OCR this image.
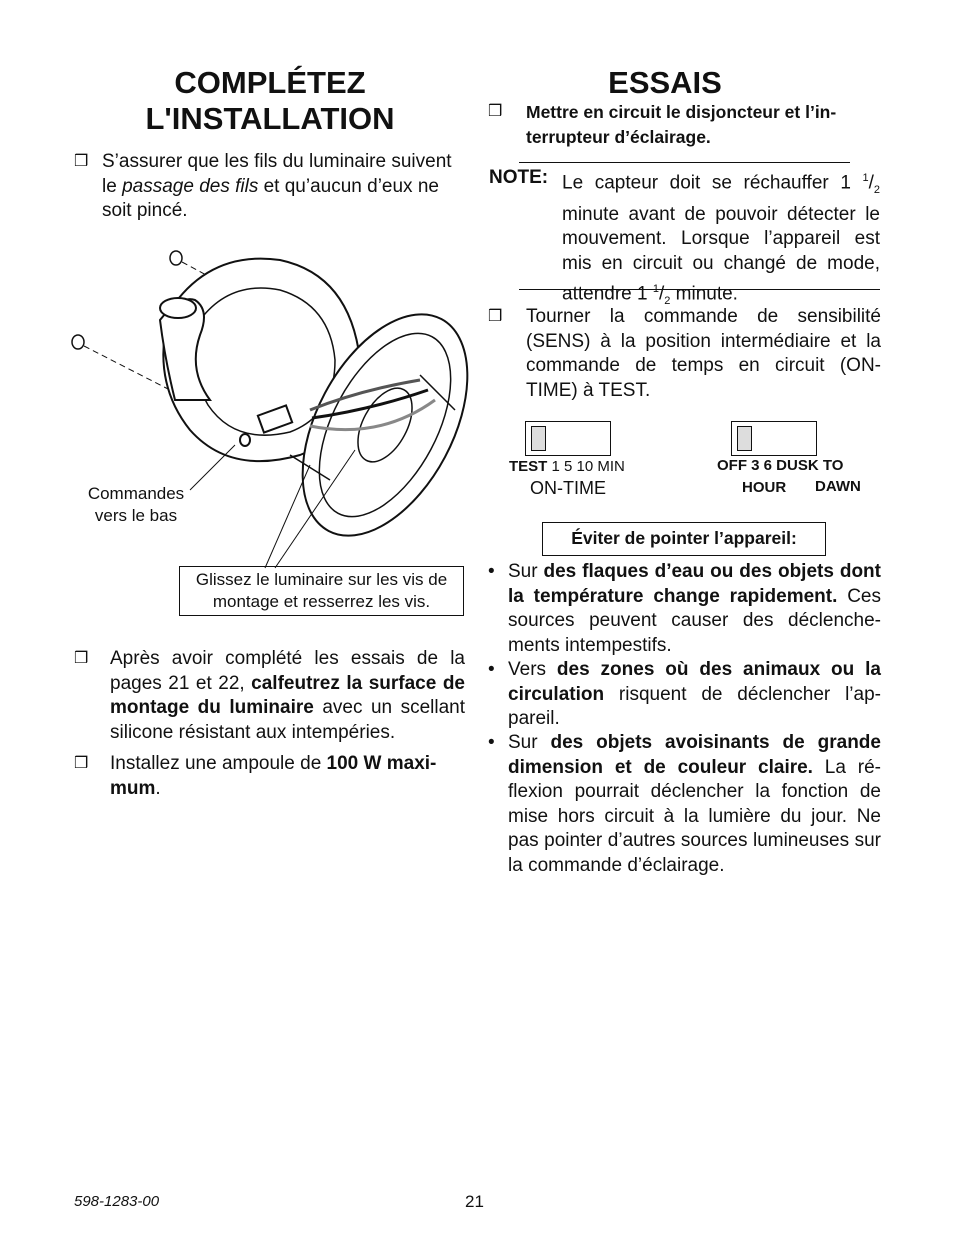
COMPLÉTEZ
L'INSTALLATION
❒ S’assurer que les fils du luminaire suivent le passage des fils et qu’aucun d’eux ne soit pincé.
Commandes
vers le bas
Glissez le luminaire sur les vis de
montage et resserrez les vis.
❒ Après avoir complété les essais de la pages 21 et 22, calfeutrez la surface de montage du luminaire avec un scellant silicone résistant aux intempéries.
❒ Installez une ampoule de 100 W maxi-mum.
ESSAIS
❒ Mettre en circuit le disjoncteur et l’in-terrupteur d’éclairage.
NOTE: Le capteur doit se réchauffer 1 $^1/_2$ minute avant de pouvoir détecter le mouvement. Lorsque l’appareil est mis en circuit ou changé de mode, attendre 1 $^1/_2$ minute.
❒ Tourner la commande de sensibilité (SENS) à la position intermédiaire et la commande de temps en circuit (ON-TIME) à TEST.
TEST 1 5 10 MIN
ON-TIME
OFF 3 6 DUSK TO
HOUR DAWN
Éviter de pointer l’appareil:
• Sur des flaques d’eau ou des objets dont la température change rapidement. Ces sources peuvent causer des déclenche-ments intempestifs.
• Vers des zones où des animaux ou la circulation risquent de déclencher l’ap-pareil.
• Sur des objets avoisinants de grande dimension et de couleur claire. La ré-flexion pourrait déclencher la fonction de mise hors circuit à la lumière du jour. Ne pas pointer d’autres sources lumineuses sur la commande d’éclairage.
598-1283-00	21
